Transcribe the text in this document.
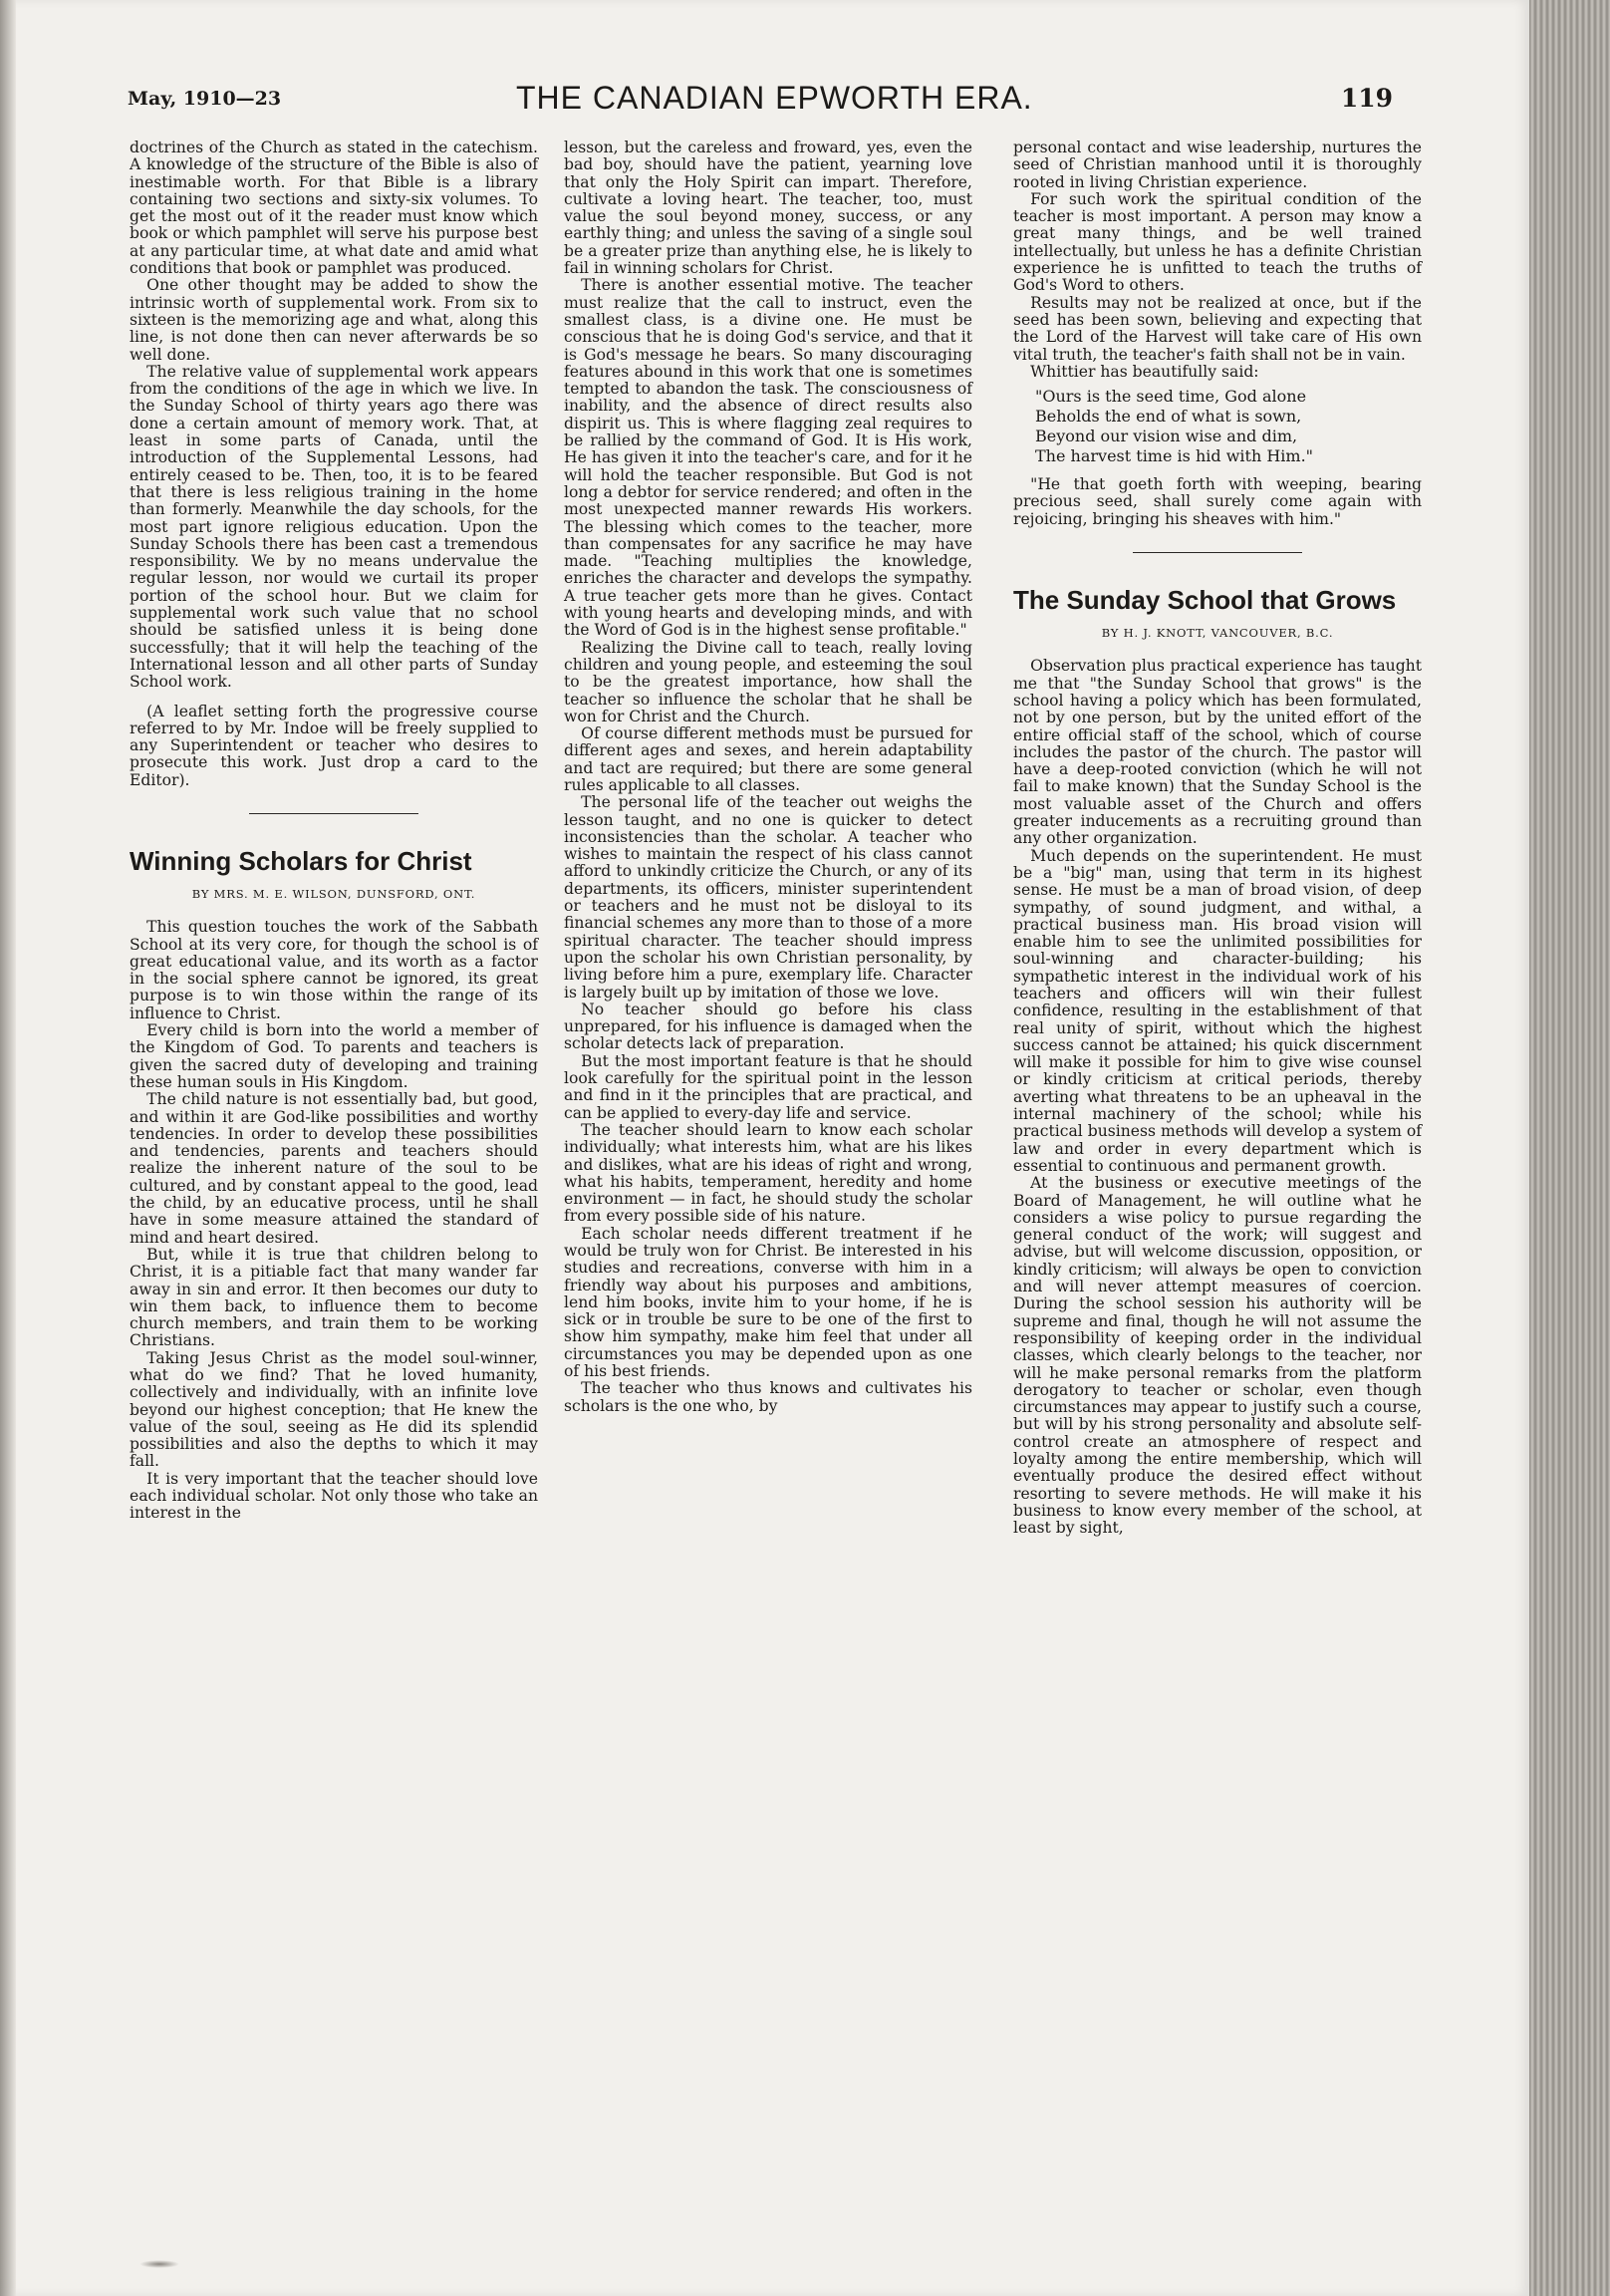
May, 1910—23	THE CANADIAN EPWORTH ERA.	119

doctrines of the Church as stated in the catechism. A knowledge of the structure of the Bible is also of inestimable worth. For that Bible is a library containing two sections and sixty-six volumes. To get the most out of it the reader must know which book or which pamphlet will serve his purpose best at any particular time, at what date and amid what conditions that book or pamphlet was produced.

One other thought may be added to show the intrinsic worth of supplemental work. From six to sixteen is the memorizing age and what, along this line, is not done then can never afterwards be so well done.

The relative value of supplemental work appears from the conditions of the age in which we live. In the Sunday School of thirty years ago there was done a certain amount of memory work. That, at least in some parts of Canada, until the introduction of the Supplemental Lessons, had entirely ceased to be. Then, too, it is to be feared that there is less religious training in the home than formerly. Meanwhile the day schools, for the most part ignore religious education. Upon the Sunday Schools there has been cast a tremendous responsibility. We by no means undervalue the regular lesson, nor would we curtail its proper portion of the school hour. But we claim for supplemental work such value that no school should be satisfied unless it is being done successfully; that it will help the teaching of the International lesson and all other parts of Sunday School work.

(A leaflet setting forth the progressive course referred to by Mr. Indoe will be freely supplied to any Superintendent or teacher who desires to prosecute this work. Just drop a card to the Editor).

Winning Scholars for Christ
BY MRS. M. E. WILSON, DUNSFORD, ONT.

This question touches the work of the Sabbath School at its very core, for though the school is of great educational value, and its worth as a factor in the social sphere cannot be ignored, its great purpose is to win those within the range of its influence to Christ.

Every child is born into the world a member of the Kingdom of God. To parents and teachers is given the sacred duty of developing and training these human souls in His Kingdom.

The child nature is not essentially bad, but good, and within it are God-like possibilities and worthy tendencies. In order to develop these possibilities and tendencies, parents and teachers should realize the inherent nature of the soul to be cultured, and by constant appeal to the good, lead the child, by an educative process, until he shall have in some measure attained the standard of mind and heart desired.

But, while it is true that children belong to Christ, it is a pitiable fact that many wander far away in sin and error. It then becomes our duty to win them back, to influence them to become church members, and train them to be working Christians.

Taking Jesus Christ as the model soul-winner, what do we find? That he loved humanity, collectively and individually, with an infinite love beyond our highest conception; that He knew the value of the soul, seeing as He did its splendid possibilities and also the depths to which it may fall.

It is very important that the teacher should love each individual scholar. Not only those who take an interest in the

lesson, but the careless and froward, yes, even the bad boy, should have the patient, yearning love that only the Holy Spirit can impart. Therefore, cultivate a loving heart. The teacher, too, must value the soul beyond money, success, or any earthly thing; and unless the saving of a single soul be a greater prize than anything else, he is likely to fail in winning scholars for Christ.

There is another essential motive. The teacher must realize that the call to instruct, even the smallest class, is a divine one. He must be conscious that he is doing God's service, and that it is God's message he bears. So many discouraging features abound in this work that one is sometimes tempted to abandon the task. The consciousness of inability, and the absence of direct results also dispirit us. This is where flagging zeal requires to be rallied by the command of God. It is His work, He has given it into the teacher's care, and for it he will hold the teacher responsible. But God is not long a debtor for service rendered; and often in the most unexpected manner rewards His workers. The blessing which comes to the teacher, more than compensates for any sacrifice he may have made. "Teaching multiplies the knowledge, enriches the character and develops the sympathy. A true teacher gets more than he gives. Contact with young hearts and developing minds, and with the Word of God is in the highest sense profitable."

Realizing the Divine call to teach, really loving children and young people, and esteeming the soul to be the greatest importance, how shall the teacher so influence the scholar that he shall be won for Christ and the Church.

Of course different methods must be pursued for different ages and sexes, and herein adaptability and tact are required; but there are some general rules applicable to all classes.

The personal life of the teacher out weighs the lesson taught, and no one is quicker to detect inconsistencies than the scholar. A teacher who wishes to maintain the respect of his class cannot afford to unkindly criticize the Church, or any of its departments, its officers, minister superintendent or teachers and he must not be disloyal to its financial schemes any more than to those of a more spiritual character. The teacher should impress upon the scholar his own Christian personality, by living before him a pure, exemplary life. Character is largely built up by imitation of those we love.

No teacher should go before his class unprepared, for his influence is damaged when the scholar detects lack of preparation.

But the most important feature is that he should look carefully for the spiritual point in the lesson and find in it the principles that are practical, and can be applied to every-day life and service.

The teacher should learn to know each scholar individually; what interests him, what are his likes and dislikes, what are his ideas of right and wrong, what his habits, temperament, heredity and home environment — in fact, he should study the scholar from every possible side of his nature.

Each scholar needs different treatment if he would be truly won for Christ. Be interested in his studies and recreations, converse with him in a friendly way about his purposes and ambitions, lend him books, invite him to your home, if he is sick or in trouble be sure to be one of the first to show him sympathy, make him feel that under all circumstances you may be depended upon as one of his best friends.

The teacher who thus knows and cultivates his scholars is the one who, by

personal contact and wise leadership, nurtures the seed of Christian manhood until it is thoroughly rooted in living Christian experience.

For such work the spiritual condition of the teacher is most important. A person may know a great many things, and be well trained intellectually, but unless he has a definite Christian experience he is unfitted to teach the truths of God's Word to others.

Results may not be realized at once, but if the seed has been sown, believing and expecting that the Lord of the Harvest will take care of His own vital truth, the teacher's faith shall not be in vain.

Whittier has beautifully said:

"Ours is the seed time, God alone
Beholds the end of what is sown,
Beyond our vision wise and dim,
The harvest time is hid with Him."

"He that goeth forth with weeping, bearing precious seed, shall surely come again with rejoicing, bringing his sheaves with him."

The Sunday School that Grows
BY H. J. KNOTT, VANCOUVER, B.C.

Observation plus practical experience has taught me that "the Sunday School that grows" is the school having a policy which has been formulated, not by one person, but by the united effort of the entire official staff of the school, which of course includes the pastor of the church. The pastor will have a deep-rooted conviction (which he will not fail to make known) that the Sunday School is the most valuable asset of the Church and offers greater inducements as a recruiting ground than any other organization.

Much depends on the superintendent. He must be a "big" man, using that term in its highest sense. He must be a man of broad vision, of deep sympathy, of sound judgment, and withal, a practical business man. His broad vision will enable him to see the unlimited possibilities for soul-winning and character-building; his sympathetic interest in the individual work of his teachers and officers will win their fullest confidence, resulting in the establishment of that real unity of spirit, without which the highest success cannot be attained; his quick discernment will make it possible for him to give wise counsel or kindly criticism at critical periods, thereby averting what threatens to be an upheaval in the internal machinery of the school; while his practical business methods will develop a system of law and order in every department which is essential to continuous and permanent growth.

At the business or executive meetings of the Board of Management, he will outline what he considers a wise policy to pursue regarding the general conduct of the work; will suggest and advise, but will welcome discussion, opposition, or kindly criticism; will always be open to conviction and will never attempt measures of coercion. During the school session his authority will be supreme and final, though he will not assume the responsibility of keeping order in the individual classes, which clearly belongs to the teacher, nor will he make personal remarks from the platform derogatory to teacher or scholar, even though circumstances may appear to justify such a course, but will by his strong personality and absolute self-control create an atmosphere of respect and loyalty among the entire membership, which will eventually produce the desired effect without resorting to severe methods. He will make it his business to know every member of the school, at least by sight,
